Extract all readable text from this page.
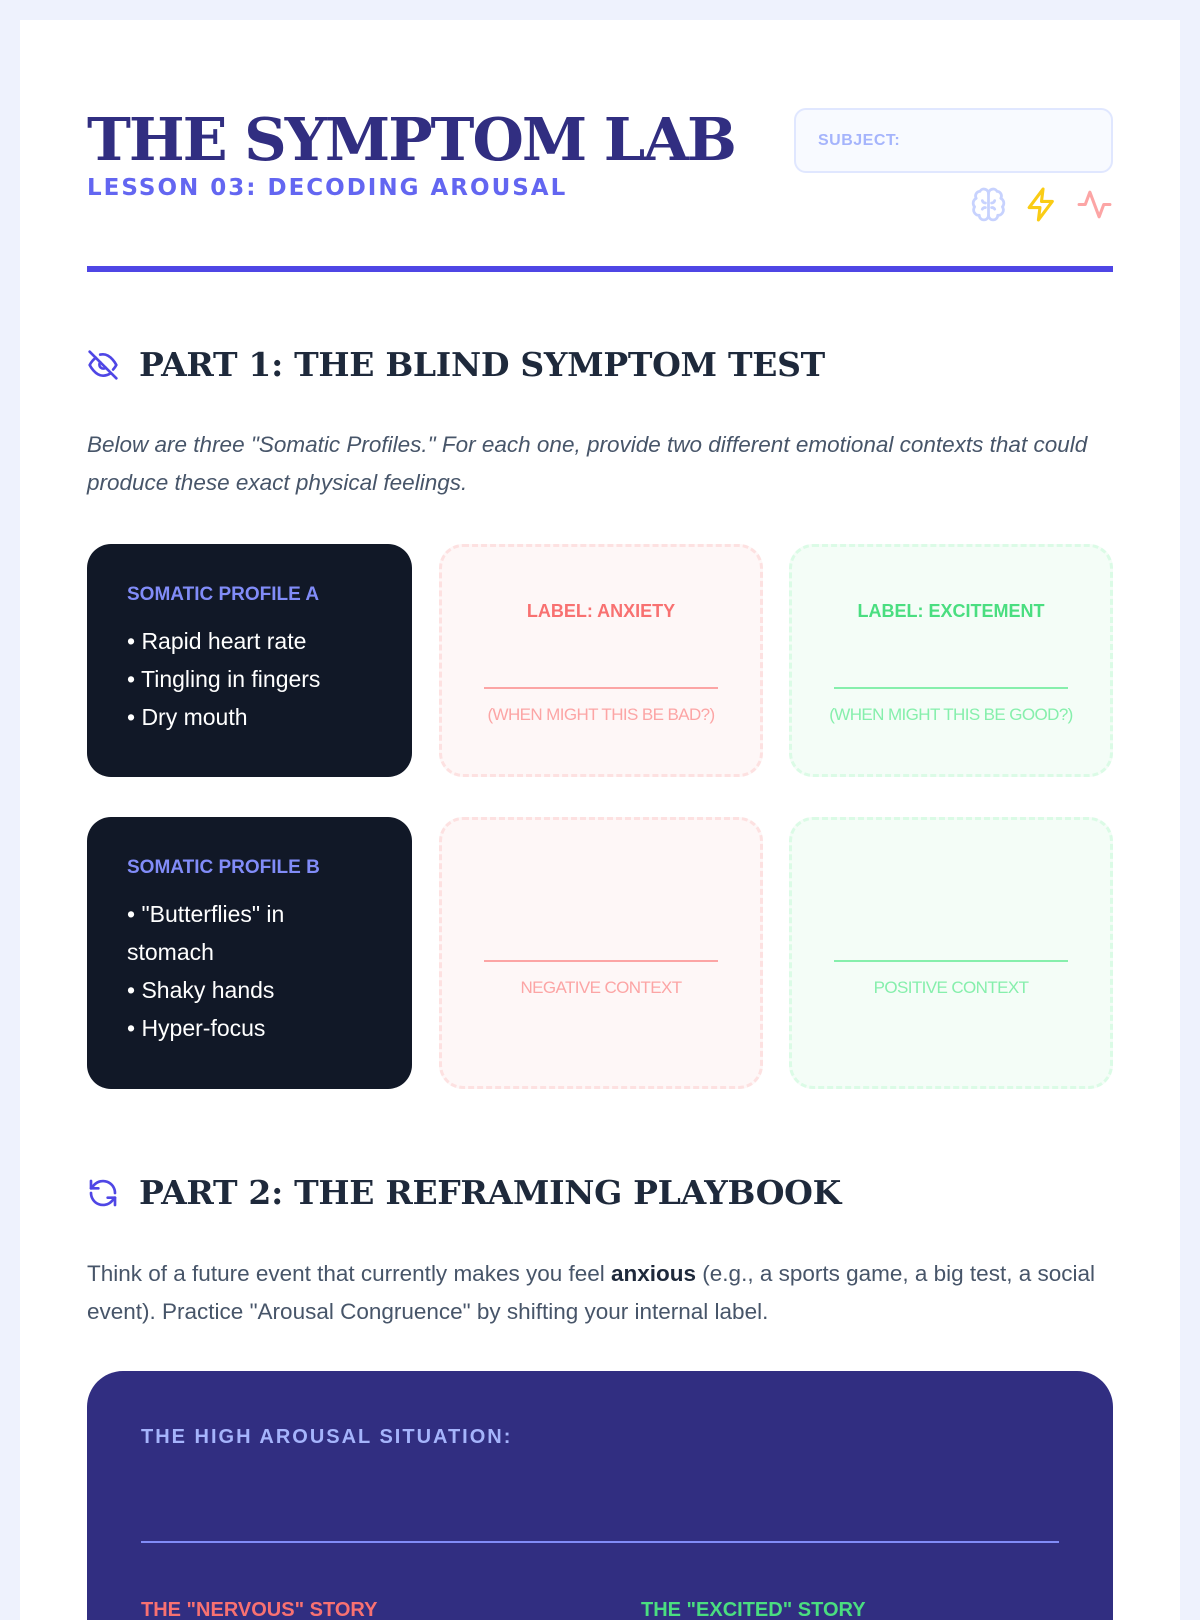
THE SYMPTOM LAB
LESSON 03: DECODING AROUSAL
SUBJECT:
PART 1: THE BLIND SYMPTOM TEST

Below are three "Somatic Profiles." For each one, provide two different emotional contexts that could produce these exact physical feelings.

SOMATIC PROFILE A
• Rapid heart rate
• Tingling in fingers
• Dry mouth
LABEL: ANXIETY
(WHEN MIGHT THIS BE BAD?)
LABEL: EXCITEMENT
(WHEN MIGHT THIS BE GOOD?)
SOMATIC PROFILE B
• "Butterflies" in stomach
• Shaky hands
• Hyper-focus
NEGATIVE CONTEXT	POSITIVE CONTEXT
PART 2: THE REFRAMING PLAYBOOK

Think of a future event that currently makes you feel anxious (e.g., a sports game, a big test, a social event). Practice "Arousal Congruence" by shifting your internal label.

THE HIGH AROUSAL SITUATION:
THE "NERVOUS" STORY	THE "EXCITED" STORY
